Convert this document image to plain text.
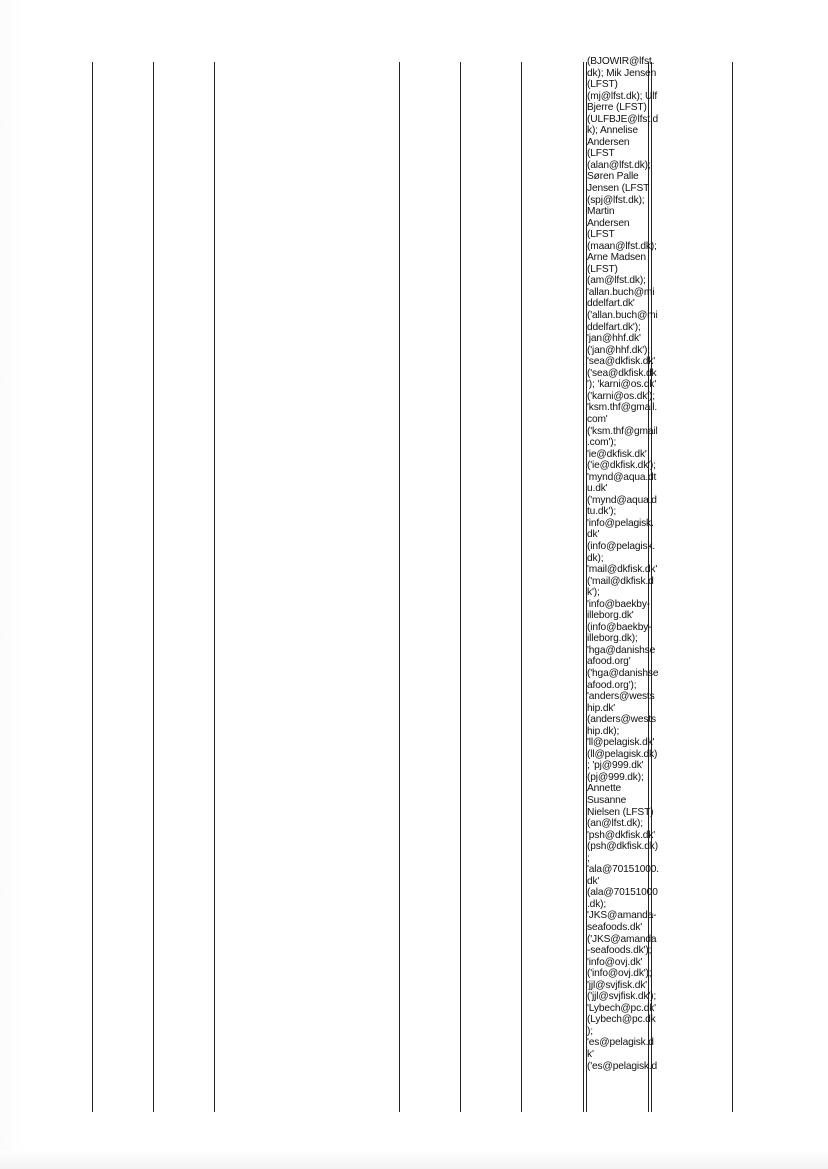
(BJOWIR@lfst.
dk); Mik Jensen
(LFST)
(mj@lfst.dk); Ulf
Bjerre (LFST)
(ULFBJE@lfst.d
k); Annelise
Andersen
(LFST
(alan@lfst.dk);
Søren Palle
Jensen (LFST
(spj@lfst.dk);
Martin
Andersen
(LFST
(maan@lfst.dk);
Arne Madsen
(LFST)
(am@lfst.dk);
'allan.buch@mi
ddelfart.dk'
('allan.buch@mi
ddelfart.dk');
'jan@hhf.dk'
('jan@hhf.dk');
'sea@dkfisk.dk'
('sea@dkfisk.dk
'); 'karni@os.dk'
('karni@os.dk');
'ksm.thf@gmail.
com'
('ksm.thf@gmail
.com');
'ie@dkfisk.dk'
('ie@dkfisk.dk');
'mynd@aqua.dt
u.dk'
('mynd@aqua.d
tu.dk');
'info@pelagisk.
dk'
(info@pelagisk.
dk);
'mail@dkfisk.dk'
('mail@dkfisk.d
k');
'info@baekby-
illeborg.dk'
(info@baekby-
illeborg.dk);
'hga@danishse
afood.org'
('hga@danishse
afood.org');
'anders@wests
hip.dk'
(anders@wests
hip.dk);
'll@pelagisk.dk'
(ll@pelagisk.dk)
; 'pj@999.dk'
(pj@999.dk);
Annette
Susanne
Nielsen (LFST)
(an@lfst.dk);
'psh@dkfisk.dk'
(psh@dkfisk.dk)
;
'ala@70151000.
dk'
(ala@70151000
.dk);
'JKS@amanda-
seafoods.dk'
('JKS@amanda
-seafoods.dk');
'info@ovj.dk'
('info@ovj.dk');
'jjl@svjfisk.dk'
('jjl@svjfisk.dk');
'Lybech@pc.dk'
(Lybech@pc.dk
);
'es@pelagisk.d
k'
('es@pelagisk.d
